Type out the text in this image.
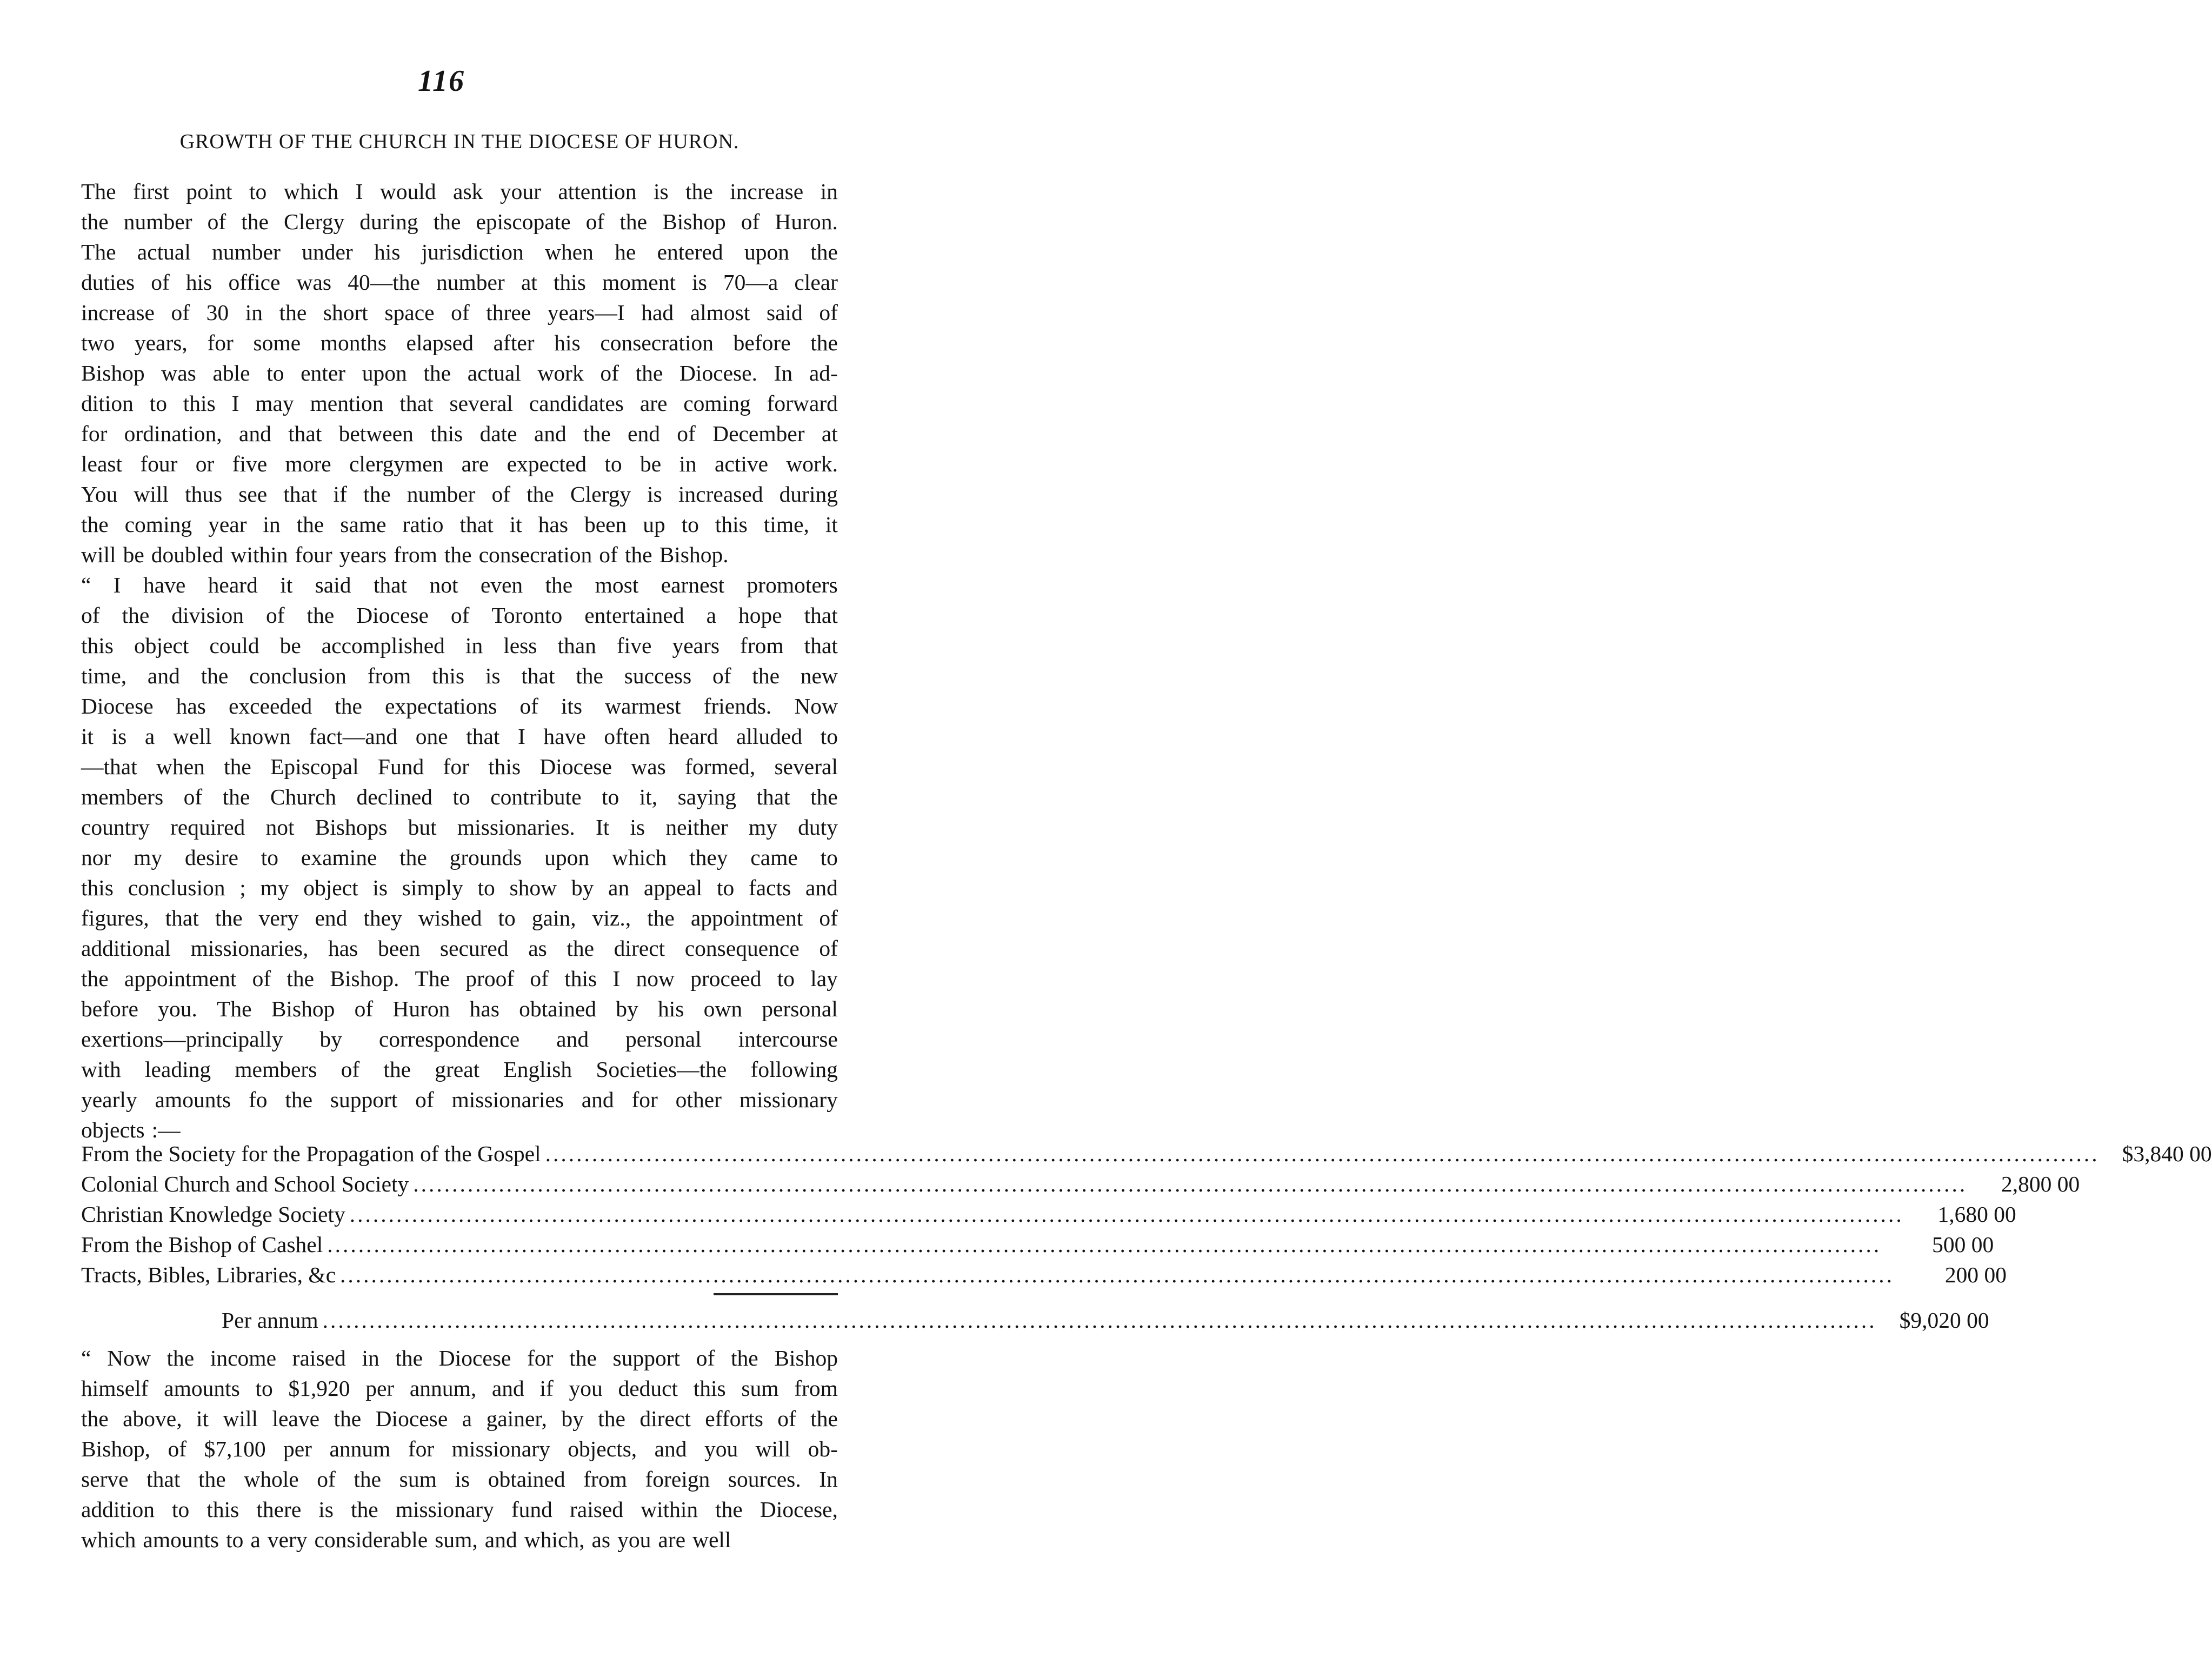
116
GROWTH OF THE CHURCH IN THE DIOCESE OF HURON.
The first point to which I would ask your attention is the increase in
the number of the Clergy during the episcopate of the Bishop of Huron.
The actual number under his jurisdiction when he entered upon the
duties of his office was 40—the number at this moment is 70—a clear
increase of 30 in the short space of three years—I had almost said of
two years, for some months elapsed after his consecration before the
Bishop was able to enter upon the actual work of the Diocese. In ad-
dition to this I may mention that several candidates are coming forward
for ordination, and that between this date and the end of December at
least four or five more clergymen are expected to be in active work.
You will thus see that if the number of the Clergy is increased during
the coming year in the same ratio that it has been up to this time, it
will be doubled within four years from the consecration of the Bishop.
“ I have heard it said that not even the most earnest promoters
of the division of the Diocese of Toronto entertained a hope that
this object could be accomplished in less than five years from that
time, and the conclusion from this is that the success of the new
Diocese has exceeded the expectations of its warmest friends. Now
it is a well known fact—and one that I have often heard alluded to
—that when the Episcopal Fund for this Diocese was formed, several
members of the Church declined to contribute to it, saying that the
country required not Bishops but missionaries. It is neither my duty
nor my desire to examine the grounds upon which they came to
this conclusion ; my object is simply to show by an appeal to facts and
figures, that the very end they wished to gain, viz., the appointment of
additional missionaries, has been secured as the direct consequence of
the appointment of the Bishop. The proof of this I now proceed to lay
before you. The Bishop of Huron has obtained by his own personal
exertions—principally by correspondence and personal intercourse
with leading members of the great English Societies—the following
yearly amounts fo the support of missionaries and for other missionary
objects :—
From the Society for the Propagation of the Gospel ........................................................................................................................................................................................................	$3,840 00
Colonial Church and School Society ........................................................................................................................................................................................................	2,800 00
Christian Knowledge Society ........................................................................................................................................................................................................	1,680 00
From the Bishop of Cashel ........................................................................................................................................................................................................	500 00
Tracts, Bibles, Libraries, &c ........................................................................................................................................................................................................	200 00
Per annum ........................................................................................................................................................................................................	$9,020 00
“ Now the income raised in the Diocese for the support of the Bishop
himself amounts to $1,920 per annum, and if you deduct this sum from
the above, it will leave the Diocese a gainer, by the direct efforts of the
Bishop, of $7,100 per annum for missionary objects, and you will ob-
serve that the whole of the sum is obtained from foreign sources. In
addition to this there is the missionary fund raised within the Diocese,
which amounts to a very considerable sum, and which, as you are well
